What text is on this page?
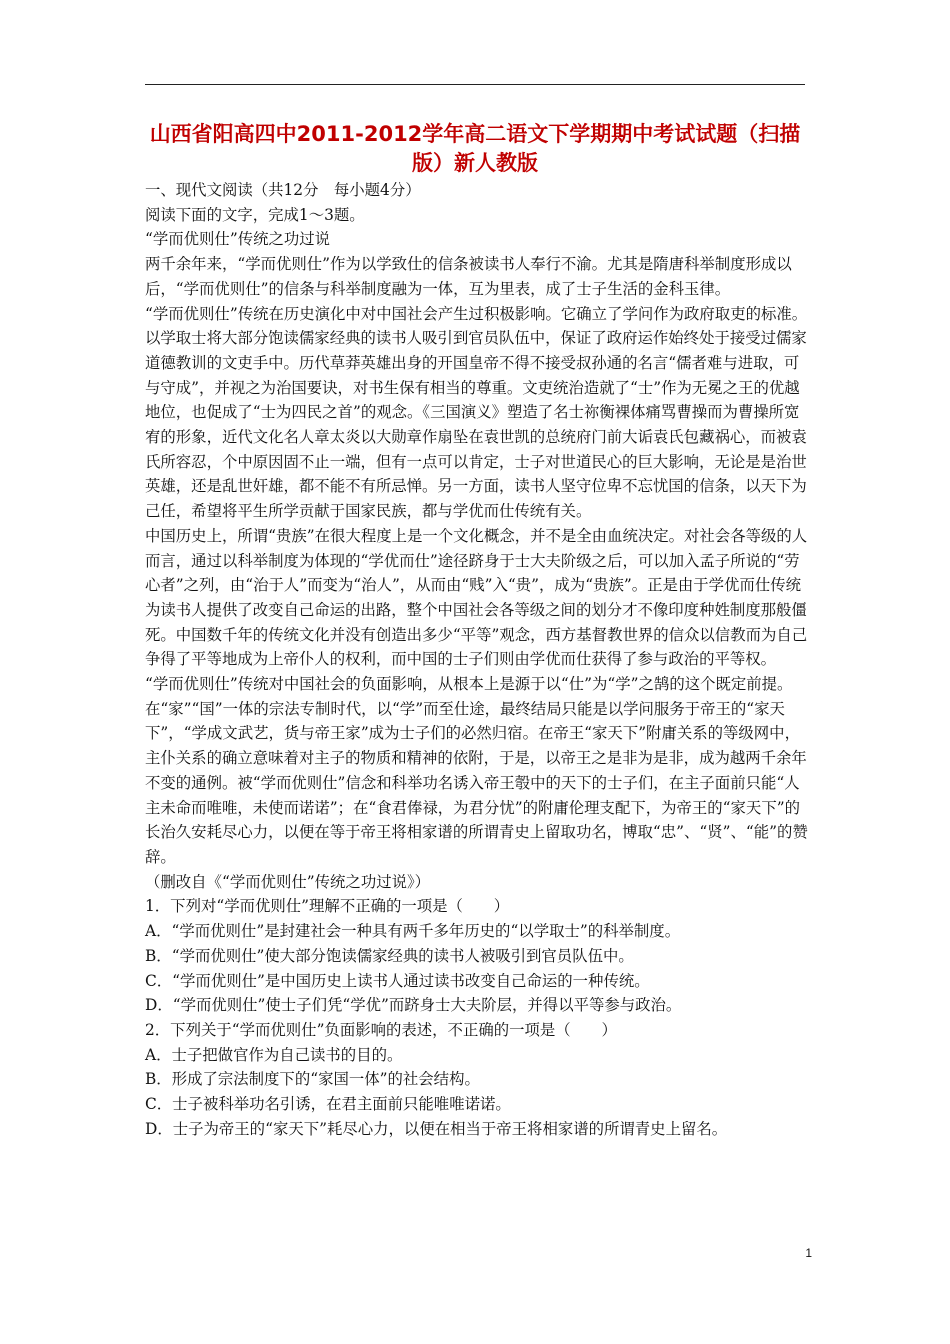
山西省阳高四中2011-2012学年高二语文下学期期中考试试题（扫描版）新人教版

一、现代文阅读（共12分　每小题4分）

阅读下面的文字，完成1～3题。

“学而优则仕”传统之功过说

两千余年来，“学而优则仕”作为以学致仕的信条被读书人奉行不渝。尤其是隋唐科举制度形成以后，“学而优则仕”的信条与科举制度融为一体，互为里表，成了士子生活的金科玉律。

“学而优则仕”传统在历史演化中对中国社会产生过积极影响。它确立了学问作为政府取吏的标准。以学取士将大部分饱读儒家经典的读书人吸引到官员队伍中，保证了政府运作始终处于接受过儒家道德教训的文吏手中。历代草莽英雄出身的开国皇帝不得不接受叔孙通的名言“儒者难与进取，可与守成”，并视之为治国要诀，对书生保有相当的尊重。文吏统治造就了“士”作为无冕之王的优越地位，也促成了“士为四民之首”的观念。《三国演义》塑造了名士祢衡裸体痛骂曹操而为曹操所宽宥的形象，近代文化名人章太炎以大勋章作扇坠在袁世凯的总统府门前大诟袁氏包藏祸心，而被袁氏所容忍，个中原因固不止一端，但有一点可以肯定，士子对世道民心的巨大影响，无论是是治世英雄，还是乱世奸雄，都不能不有所忌惮。另一方面，读书人坚守位卑不忘忧国的信条，以天下为己任，希望将平生所学贡献于国家民族，都与学优而仕传统有关。

中国历史上，所谓“贵族”在很大程度上是一个文化概念，并不是全由血统决定。对社会各等级的人而言，通过以科举制度为体现的“学优而仕”途径跻身于士大夫阶级之后，可以加入孟子所说的“劳心者”之列，由“治于人”而变为“治人”，从而由“贱”入“贵”，成为“贵族”。正是由于学优而仕传统为读书人提供了改变自己命运的出路，整个中国社会各等级之间的划分才不像印度种姓制度那般僵死。中国数千年的传统文化并没有创造出多少“平等”观念，西方基督教世界的信众以信教而为自己争得了平等地成为上帝仆人的权利，而中国的士子们则由学优而仕获得了参与政治的平等权。

“学而优则仕”传统对中国社会的负面影响，从根本上是源于以“仕”为“学”之鹄的这个既定前提。在“家”“国”一体的宗法专制时代，以“学”而至仕途，最终结局只能是以学问服务于帝王的“家天下”，“学成文武艺，货与帝王家”成为士子们的必然归宿。在帝王“家天下”附庸关系的等级网中，主仆关系的确立意味着对主子的物质和精神的依附，于是，以帝王之是非为是非，成为越两千余年不变的通例。被“学而优则仕”信念和科举功名诱入帝王彀中的天下的士子们，在主子面前只能“人主未命而唯唯，未使而诺诺”；在“食君俸禄，为君分忧”的附庸伦理支配下，为帝王的“家天下”的长治久安耗尽心力，以便在等于帝王将相家谱的所谓青史上留取功名，博取“忠”、“贤”、“能”的赞辞。

（删改自《“学而优则仕”传统之功过说》）

1．下列对“学而优则仕”理解不正确的一项是（　　）

A．“学而优则仕”是封建社会一种具有两千多年历史的“以学取士”的科举制度。

B．“学而优则仕”使大部分饱读儒家经典的读书人被吸引到官员队伍中。

C．“学而优则仕”是中国历史上读书人通过读书改变自己命运的一种传统。

D．“学而优则仕”使士子们凭“学优”而跻身士大夫阶层，并得以平等参与政治。

2．下列关于“学而优则仕”负面影响的表述，不正确的一项是（　　）

A．士子把做官作为自己读书的目的。

B．形成了宗法制度下的“家国一体”的社会结构。

C．士子被科举功名引诱，在君主面前只能唯唯诺诺。

D．士子为帝王的“家天下”耗尽心力，以便在相当于帝王将相家谱的所谓青史上留名。

1
